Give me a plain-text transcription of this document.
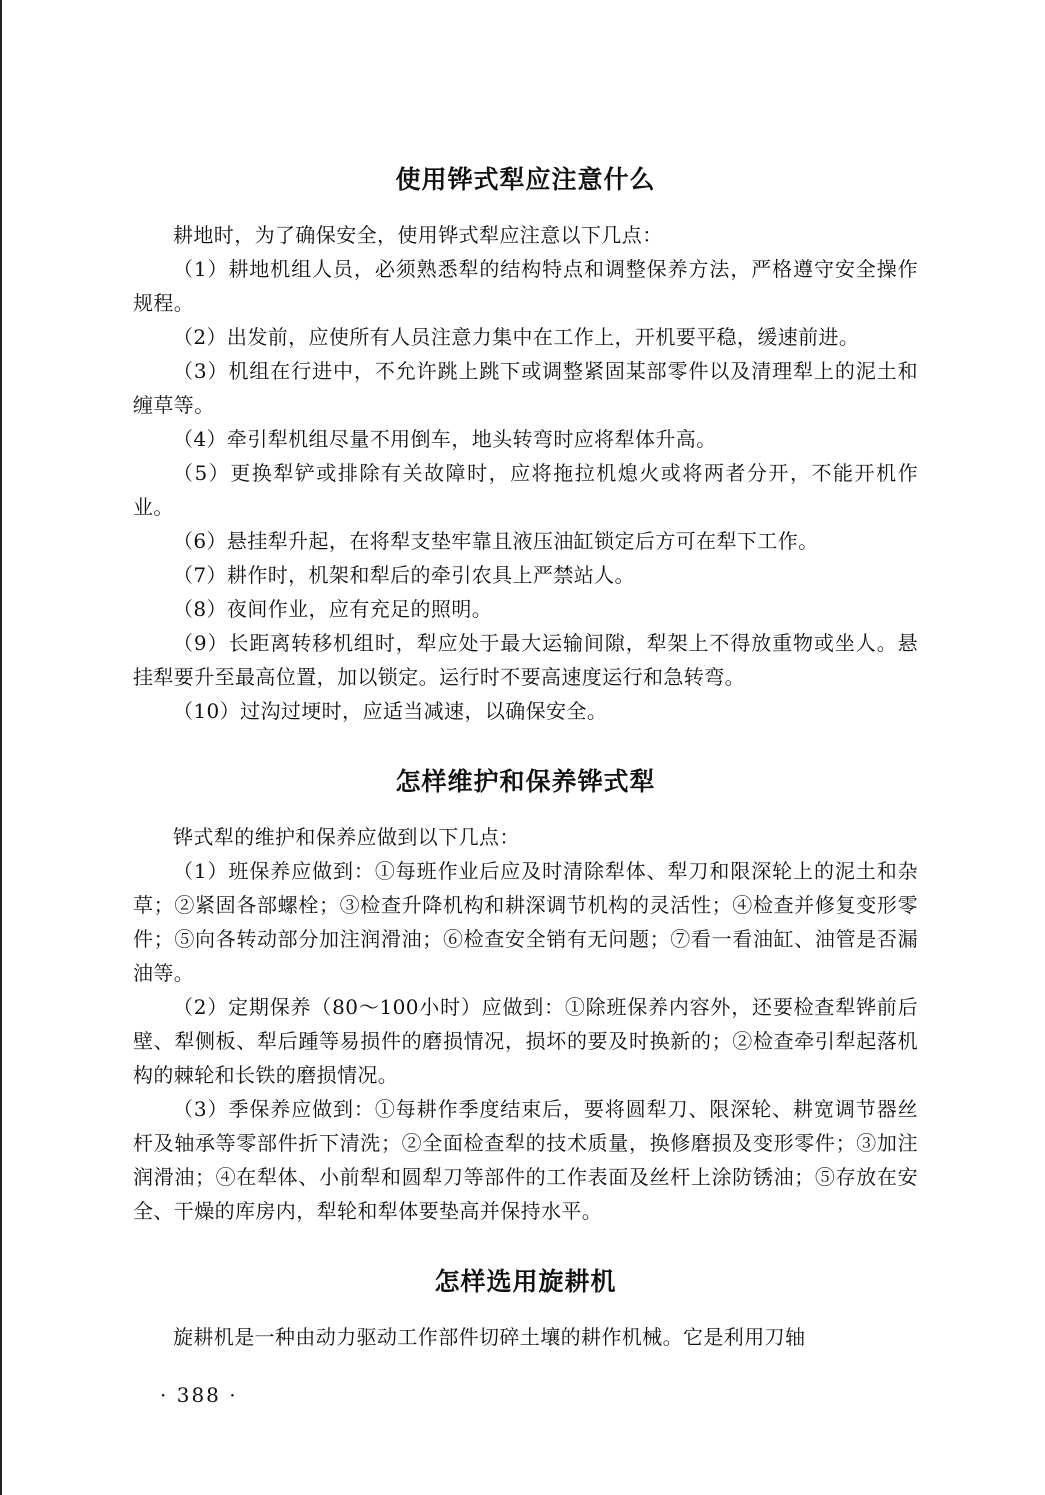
使用铧式犁应注意什么

耕地时，为了确保安全，使用铧式犁应注意以下几点：

（1）耕地机组人员，必须熟悉犁的结构特点和调整保养方法，严格遵守安全操作规程。

（2）出发前，应使所有人员注意力集中在工作上，开机要平稳，缓速前进。

（3）机组在行进中，不允许跳上跳下或调整紧固某部零件以及清理犁上的泥土和缠草等。

（4）牵引犁机组尽量不用倒车，地头转弯时应将犁体升高。

（5）更换犁铲或排除有关故障时，应将拖拉机熄火或将两者分开，不能开机作业。

（6）悬挂犁升起，在将犁支垫牢靠且液压油缸锁定后方可在犁下工作。

（7）耕作时，机架和犁后的牵引农具上严禁站人。

（8）夜间作业，应有充足的照明。

（9）长距离转移机组时，犁应处于最大运输间隙，犁架上不得放重物或坐人。悬挂犁要升至最高位置，加以锁定。运行时不要高速度运行和急转弯。

（10）过沟过埂时，应适当减速，以确保安全。

怎样维护和保养铧式犁

铧式犁的维护和保养应做到以下几点：

（1）班保养应做到：①每班作业后应及时清除犁体、犁刀和限深轮上的泥土和杂草；②紧固各部螺栓；③检查升降机构和耕深调节机构的灵活性；④检查并修复变形零件；⑤向各转动部分加注润滑油；⑥检查安全销有无问题；⑦看一看油缸、油管是否漏油等。

（2）定期保养（80～100小时）应做到：①除班保养内容外，还要检查犁铧前后壁、犁侧板、犁后踵等易损件的磨损情况，损坏的要及时换新的；②检查牵引犁起落机构的棘轮和长铁的磨损情况。

（3）季保养应做到：①每耕作季度结束后，要将圆犁刀、限深轮、耕宽调节器丝杆及轴承等零部件折下清洗；②全面检查犁的技术质量，换修磨损及变形零件；③加注润滑油；④在犁体、小前犁和圆犁刀等部件的工作表面及丝杆上涂防锈油；⑤存放在安全、干燥的库房内，犁轮和犁体要垫高并保持水平。

怎样选用旋耕机

旋耕机是一种由动力驱动工作部件切碎土壤的耕作机械。它是利用刀轴

· 388 ·
